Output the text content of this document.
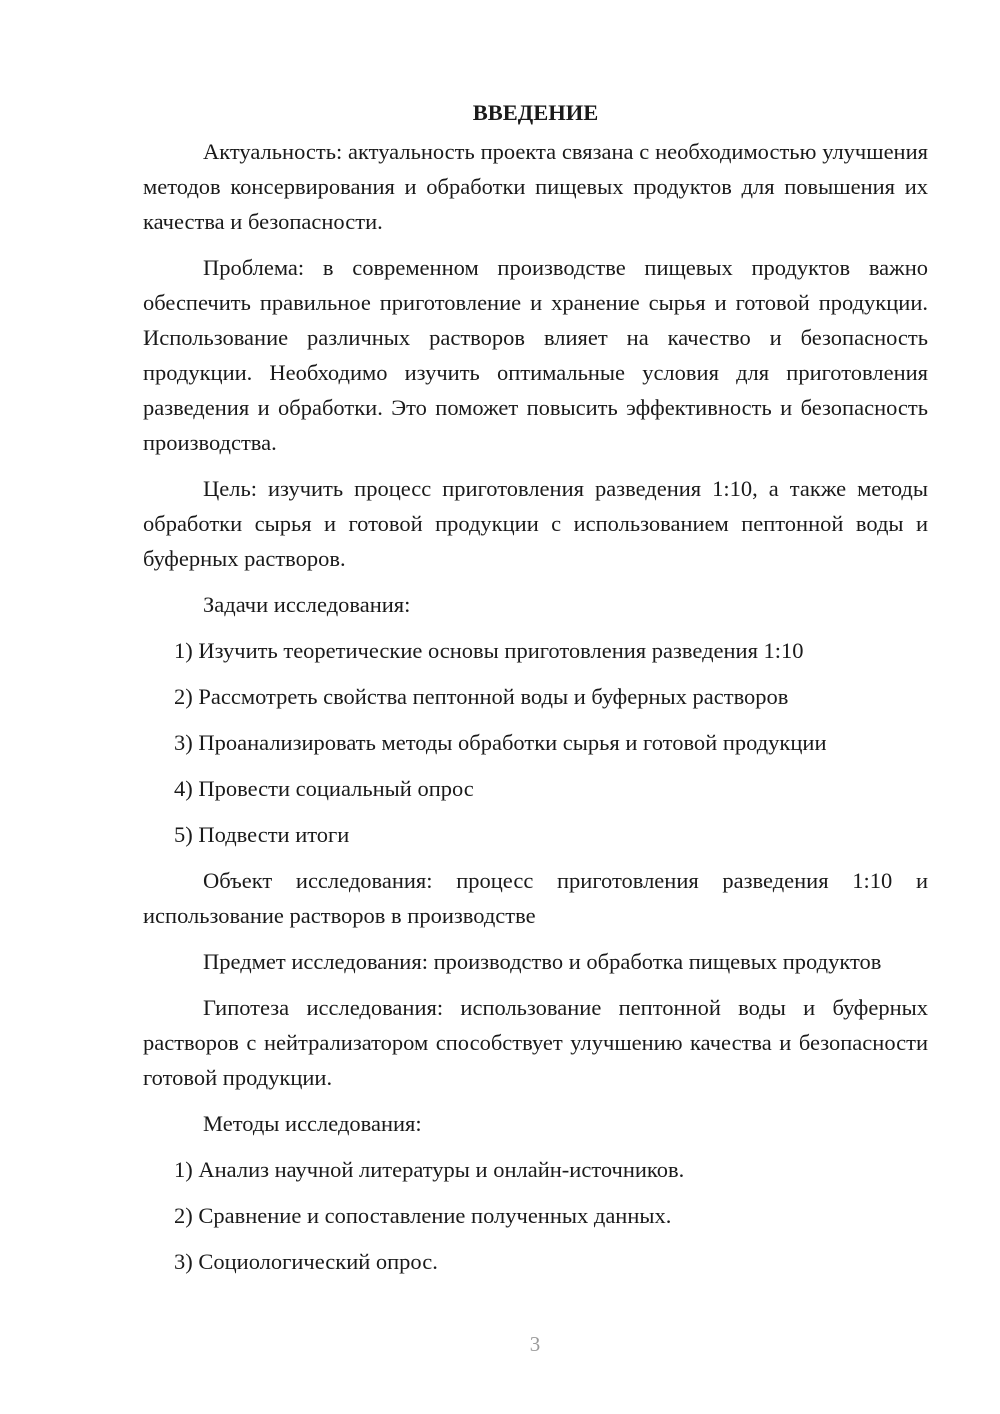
ВВЕДЕНИЕ

Актуальность: актуальность проекта связана с необходимостью улучшения методов консервирования и обработки пищевых продуктов для повышения их качества и безопасности.

Проблема: в современном производстве пищевых продуктов важно обеспечить правильное приготовление и хранение сырья и готовой продукции. Использование различных растворов влияет на качество и безопасность продукции. Необходимо изучить оптимальные условия для приготовления разведения и обработки. Это поможет повысить эффективность и безопасность производства.

Цель: изучить процесс приготовления разведения 1:10, а также методы обработки сырья и готовой продукции с использованием пептонной воды и буферных растворов.

Задачи исследования:

1) Изучить теоретические основы приготовления разведения 1:10

2) Рассмотреть свойства пептонной воды и буферных растворов

3) Проанализировать методы обработки сырья и готовой продукции

4) Провести социальный опрос

5) Подвести итоги

Объект исследования: процесс приготовления разведения 1:10 и использование растворов в производстве

Предмет исследования: производство и обработка пищевых продуктов

Гипотеза исследования: использование пептонной воды и буферных растворов с нейтрализатором способствует улучшению качества и безопасности готовой продукции.

Методы исследования:

1) Анализ научной литературы и онлайн-источников.

2) Сравнение и сопоставление полученных данных.

3) Социологический опрос.

3
